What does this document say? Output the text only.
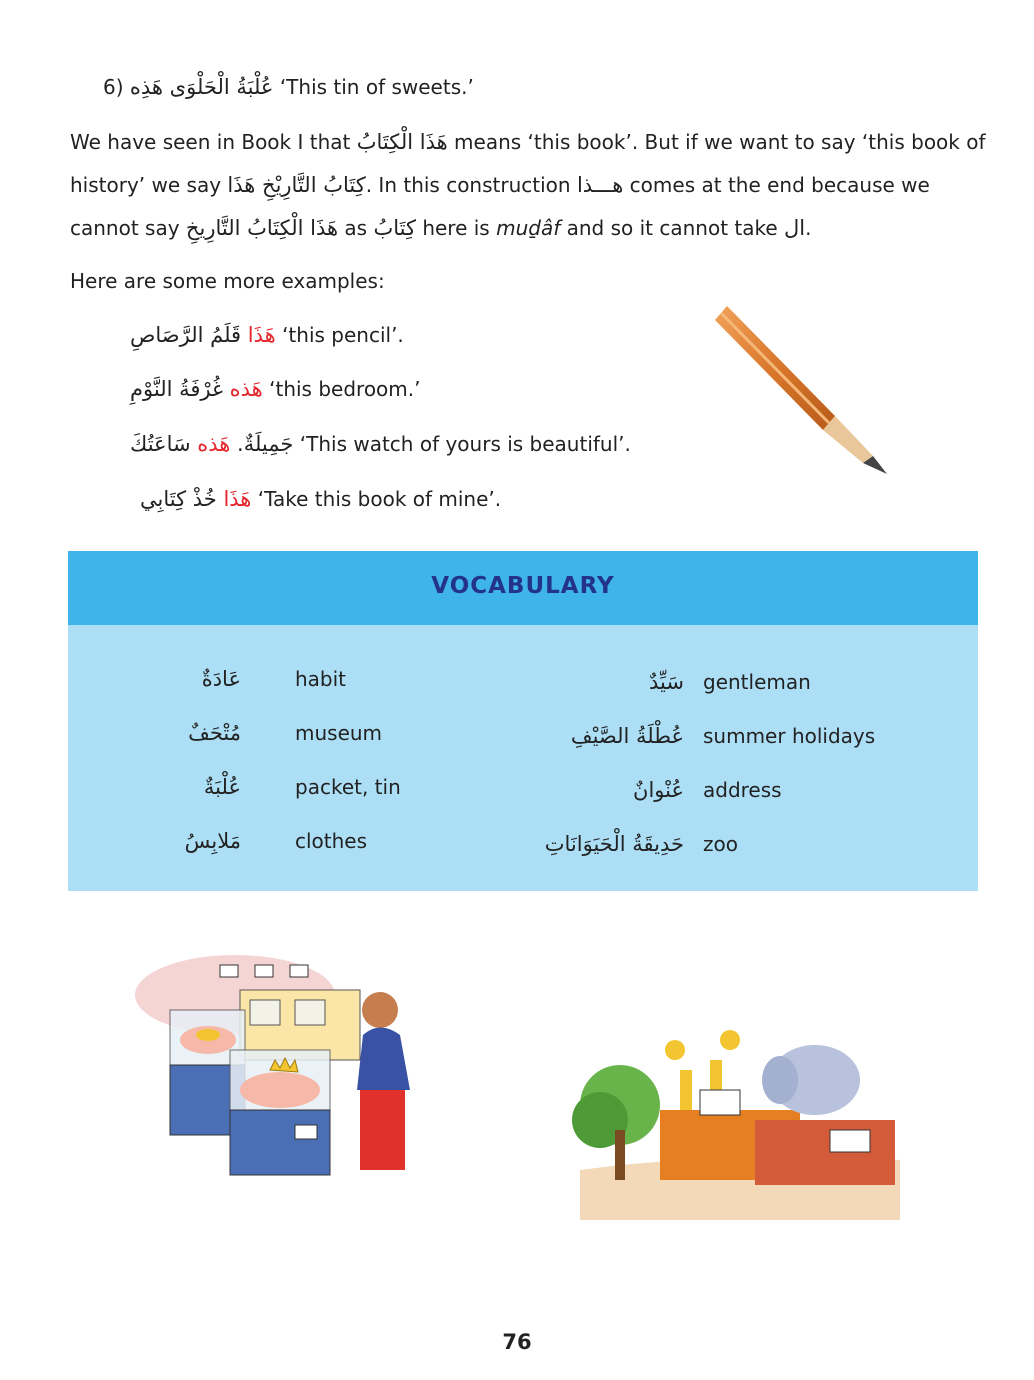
6) عُلْبَةُ الْحَلْوَى هَذِه ‘This tin of sweets.’
We have seen in Book I that هَذَا الْكِتَابُ means ‘this book’. But if we want to say ‘this book of history’ we say كِتَابُ التَّارِيْخِ هَذَا. In this construction هـــذا comes at the end because we cannot say هَذَا الْكِتَابُ التَّارِيخِ as كِتَابُ here is muḏâf and so it cannot take ال.
Here are some more examples:
هَذَا قَلَمُ الرَّصَاصِ ‘this pencil’.
هَذه غُرْفَةُ النَّوْمِ ‘this bedroom.’
جَمِيلَةٌ. هَذه سَاعَتُكَ	‘This watch of yours is beautiful’.
هَذَا خُذْ كِتَابِي ‘Take this book of mine’.
VOCABULARY
عَادَةٌ	habit
مُتْحَفٌ	museum
عُلْبَةٌ	packet, tin
مَلابِسُ	clothes
سَيِّدٌ gentleman
عُطْلَةُ الصَّيْفِ summer holidays
عُنْوانٌ address
حَدِيقَةُ الْحَيَوَانَاتِ zoo
76
